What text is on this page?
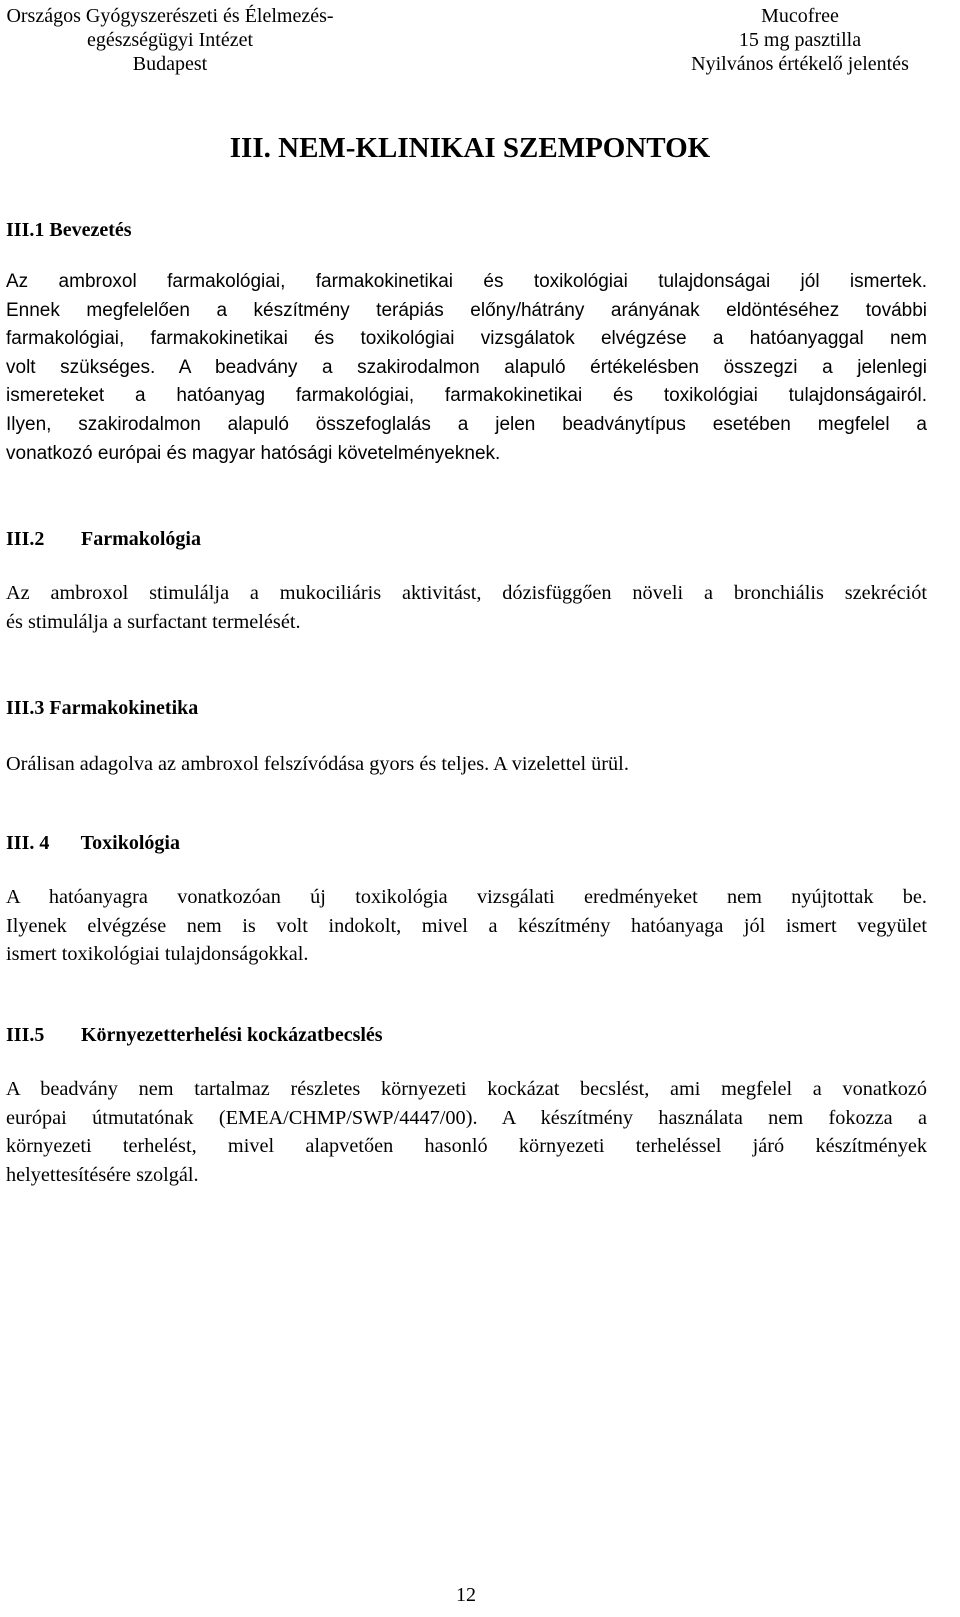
Országos Gyógyszerészeti és Élelmezés-
egészségügyi Intézet
Budapest
Mucofree
15 mg pasztilla
Nyilvános értékelő jelentés
III. NEM-KLINIKAI SZEMPONTOK
III.1 Bevezetés
Az ambroxol farmakológiai, farmakokinetikai és toxikológiai tulajdonságai jól ismertek.
Ennek megfelelően a készítmény terápiás előny/hátrány arányának eldöntéséhez további
farmakológiai, farmakokinetikai és toxikológiai vizsgálatok elvégzése a hatóanyaggal nem
volt szükséges. A beadvány a szakirodalmon alapuló értékelésben összegzi a jelenlegi
ismereteket a hatóanyag farmakológiai, farmakokinetikai és toxikológiai tulajdonságairól.
Ilyen, szakirodalmon alapuló összefoglalás a jelen beadványtípus esetében megfelel a
vonatkozó európai és magyar hatósági követelményeknek.
III.2 Farmakológia
Az ambroxol stimulálja a mukociliáris aktivitást, dózisfüggően növeli a bronchiális szekréciót
és stimulálja a surfactant termelését.
III.3 Farmakokinetika
Orálisan adagolva az ambroxol felszívódása gyors és teljes. A vizelettel ürül.
III. 4 Toxikológia
A hatóanyagra vonatkozóan új toxikológia vizsgálati eredményeket nem nyújtottak be.
Ilyenek elvégzése nem is volt indokolt, mivel a készítmény hatóanyaga jól ismert vegyület
ismert toxikológiai tulajdonságokkal.
III.5 Környezetterhelési kockázatbecslés
A beadvány nem tartalmaz részletes környezeti kockázat becslést, ami megfelel a vonatkozó
európai útmutatónak (EMEA/CHMP/SWP/4447/00). A készítmény használata nem fokozza a
környezeti terhelést, mivel alapvetően hasonló környezeti terheléssel járó készítmények
helyettesítésére szolgál.
12
